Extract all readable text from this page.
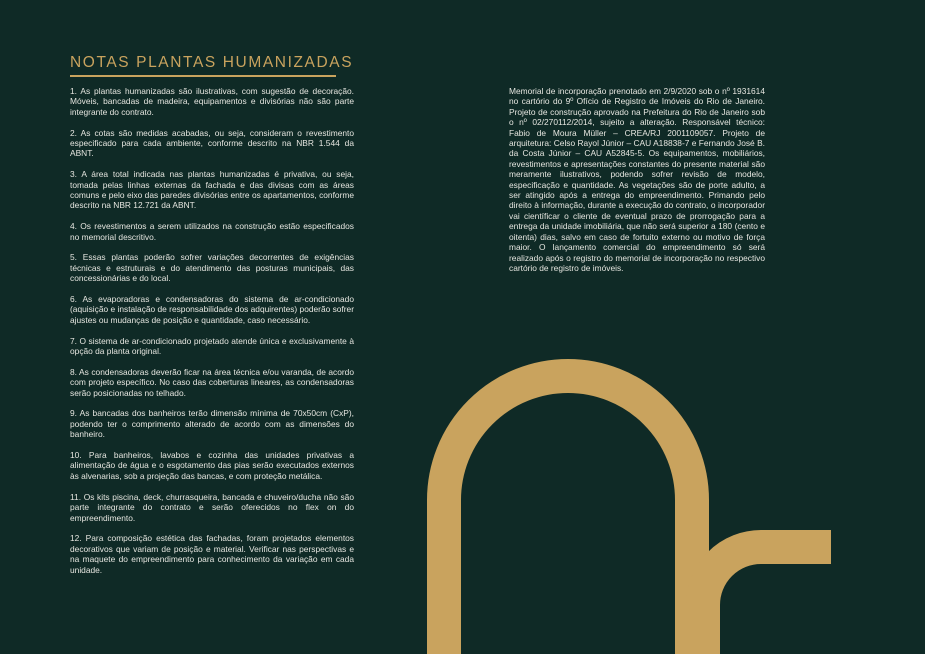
NOTAS PLANTAS HUMANIZADAS

1. As plantas humanizadas são ilustrativas, com sugestão de decoração. Móveis, bancadas de madeira, equipamentos e divisórias não são parte integrante do contrato.

2. As cotas são medidas acabadas, ou seja, consideram o revestimento especificado para cada ambiente, conforme descrito na NBR 1.544 da ABNT.

3. A área total indicada nas plantas humanizadas é privativa, ou seja, tomada pelas linhas externas da fachada e das divisas com as áreas comuns e pelo eixo das paredes divisórias entre os apartamentos, conforme descrito na NBR 12.721 da ABNT.

4. Os revestimentos a serem utilizados na construção estão especificados no memorial descritivo.

5. Essas plantas poderão sofrer variações decorrentes de exigências técnicas e estruturais e do atendimento das posturas municipais, das concessionárias e do local.

6. As evaporadoras e condensadoras do sistema de ar-condicionado (aquisição e instalação de responsabilidade dos adquirentes) poderão sofrer ajustes ou mudanças de posição e quantidade, caso necessário.

7. O sistema de ar-condicionado projetado atende única e exclusivamente à opção da planta original.

8. As condensadoras deverão ficar na área técnica e/ou varanda, de acordo com projeto específico. No caso das coberturas lineares, as condensadoras serão posicionadas no telhado.

9. As bancadas dos banheiros terão dimensão mínima de 70x50cm (CxP), podendo ter o comprimento alterado de acordo com as dimensões do banheiro.

10. Para banheiros, lavabos e cozinha das unidades privativas a alimentação de água e o esgotamento das pias serão executados externos às alvenarias, sob a projeção das bancas, e com proteção metálica.

11. Os kits piscina, deck, churrasqueira, bancada e chuveiro/ducha não são parte integrante do contrato e serão oferecidos no flex on do empreendimento.

12. Para composição estética das fachadas, foram projetados elementos decorativos que variam de posição e material. Verificar nas perspectivas e na maquete do empreendimento para conhecimento da variação em cada unidade.

Memorial de incorporação prenotado em 2/9/2020 sob o nº 1931614 no cartório do 9º Ofício de Registro de Imóveis do Rio de Janeiro. Projeto de construção aprovado na Prefeitura do Rio de Janeiro sob o nº 02/270112/2014, sujeito a alteração. Responsável técnico: Fabio de Moura Müller – CREA/RJ 2001109057. Projeto de arquitetura: Celso Rayol Júnior – CAU A18838-7 e Fernando José B. da Costa Júnior – CAU A52845-5. Os equipamentos, mobiliários, revestimentos e apresentações constantes do presente material são meramente ilustrativos, podendo sofrer revisão de modelo, especificação e quantidade. As vegetações são de porte adulto, a ser atingido após a entrega do empreendimento. Primando pelo direito à informação, durante a execução do contrato, o incorporador vai científicar o cliente de eventual prazo de prorrogação para a entrega da unidade imobiliária, que não será superior a 180 (cento e oitenta) dias, salvo em caso de fortuito externo ou motivo de força maior. O lançamento comercial do empreendimento só será realizado após o registro do memorial de incorporação no respectivo cartório de registro de imóveis.
